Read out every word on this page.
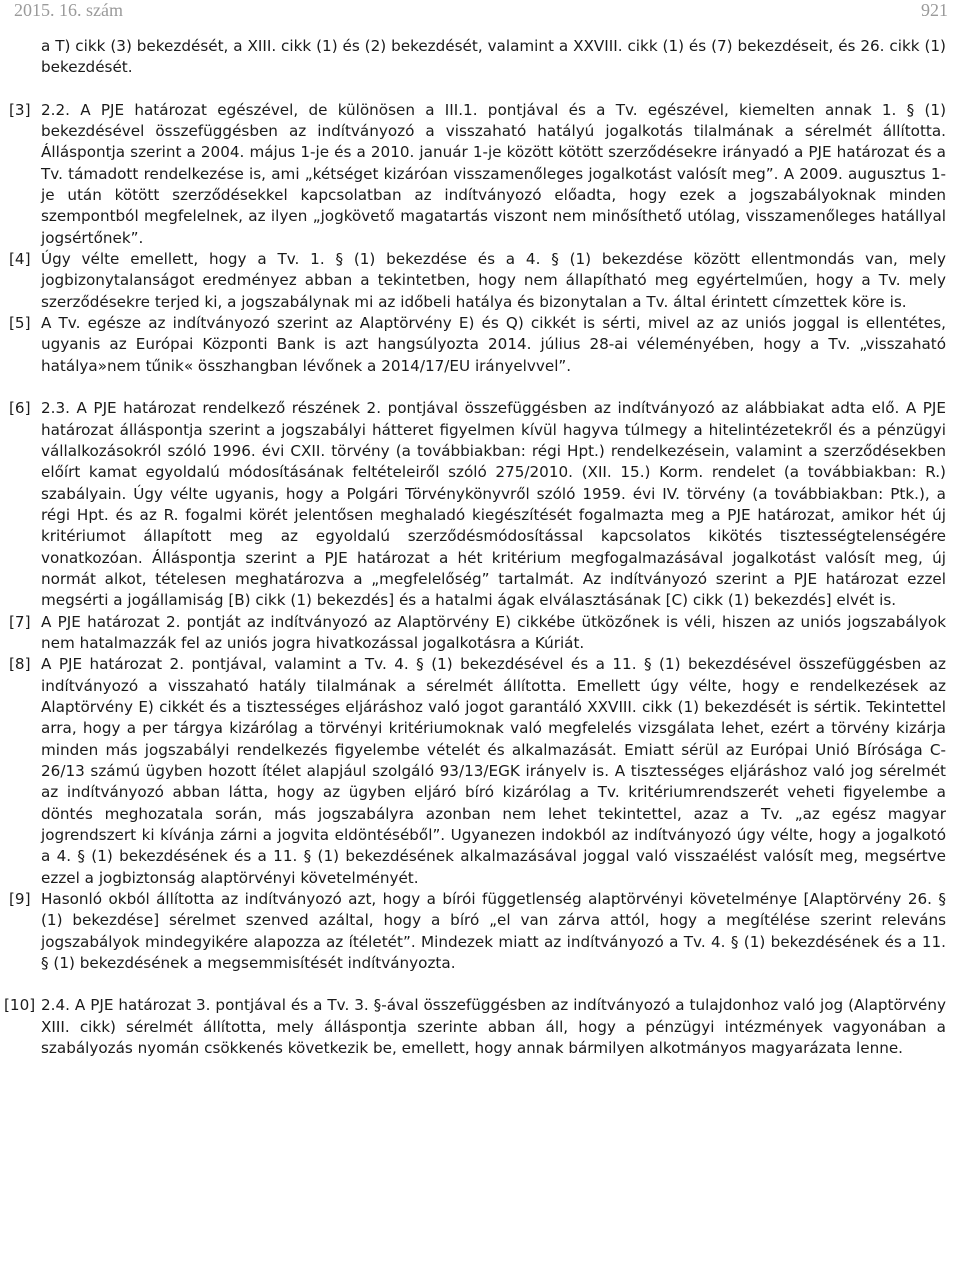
2015. 16. szám	921
a T) cikk (3) bekezdését, a XIII. cikk (1) és (2) bekezdését, valamint a XXVIII. cikk (1) és (7) bekezdéseit, és 26. cikk (1) bekezdését.
[3] 2.2. A PJE határozat egészével, de különösen a III.1. pontjával és a Tv. egészével, kiemelten annak 1. § (1) bekezdésével összefüggésben az indítványozó a visszaható hatályú jogalkotás tilalmának a sérelmét állította. Álláspontja szerint a 2004. május 1-je és a 2010. január 1-je között kötött szerződésekre irányadó a PJE határozat és a Tv. támadott rendelkezése is, ami „kétséget kizáróan visszamenőleges jogalkotást valósít meg”. A 2009. augusztus 1-je után kötött szerződésekkel kapcsolatban az indítványozó előadta, hogy ezek a jogszabályoknak minden szempontból megfelelnek, az ilyen „jogkövető magatartás viszont nem minősíthető utólag, visszamenőleges hatállyal jogsértőnek”.
[4] Úgy vélte emellett, hogy a Tv. 1. § (1) bekezdése és a 4. § (1) bekezdése között ellentmondás van, mely jogbizonytalanságot eredményez abban a tekintetben, hogy nem állapítható meg egyértelműen, hogy a Tv. mely szerződésekre terjed ki, a jogszabálynak mi az időbeli hatálya és bizonytalan a Tv. által érintett címzettek köre is.
[5] A Tv. egésze az indítványozó szerint az Alaptörvény E) és Q) cikkét is sérti, mivel az az uniós joggal is ellentétes, ugyanis az Európai Központi Bank is azt hangsúlyozta 2014. július 28-ai véleményében, hogy a Tv. „visszaható hatálya»nem tűnik« összhangban lévőnek a 2014/17/EU irányelvvel”.
[6] 2.3. A PJE határozat rendelkező részének 2. pontjával összefüggésben az indítványozó az alábbiakat adta elő. A PJE határozat álláspontja szerint a jogszabályi hátteret figyelmen kívül hagyva túlmegy a hitelintézetekről és a pénzügyi vállalkozásokról szóló 1996. évi CXII. törvény (a továbbiakban: régi Hpt.) rendelkezésein, valamint a szerződésekben előírt kamat egyoldalú módosításának feltételeiről szóló 275/2010. (XII. 15.) Korm. rendelet (a továbbiakban: R.) szabályain. Úgy vélte ugyanis, hogy a Polgári Törvénykönyvről szóló 1959. évi IV. törvény (a továbbiakban: Ptk.), a régi Hpt. és az R. fogalmi körét jelentősen meghaladó kiegészítését fogalmazta meg a PJE határozat, amikor hét új kritériumot állapított meg az egyoldalú szerződésmódosítással kapcsolatos kikötés tisztességtelenségére vonatkozóan. Álláspontja szerint a PJE határozat a hét kritérium megfogalmazásával jogalkotást valósít meg, új normát alkot, tételesen meghatározva a „megfelelőség” tartalmát. Az indítványozó szerint a PJE határozat ezzel megsérti a jogállamiság [B) cikk (1) bekezdés] és a hatalmi ágak elválasztásának [C) cikk (1) bekezdés] elvét is.
[7] A PJE határozat 2. pontját az indítványozó az Alaptörvény E) cikkébe ütközőnek is véli, hiszen az uniós jogszabályok nem hatalmazzák fel az uniós jogra hivatkozással jogalkotásra a Kúriát.
[8] A PJE határozat 2. pontjával, valamint a Tv. 4. § (1) bekezdésével és a 11. § (1) bekezdésével összefüggésben az indítványozó a visszaható hatály tilalmának a sérelmét állította. Emellett úgy vélte, hogy e rendelkezések az Alaptörvény E) cikkét és a tisztességes eljáráshoz való jogot garantáló XXVIII. cikk (1) bekezdését is sértik. Tekintettel arra, hogy a per tárgya kizárólag a törvényi kritériumoknak való megfelelés vizsgálata lehet, ezért a törvény kizárja minden más jogszabályi rendelkezés figyelembe vételét és alkalmazását. Emiatt sérül az Európai Unió Bírósága C-26/13 számú ügyben hozott ítélet alapjául szolgáló 93/13/EGK irányelv is. A tisztességes eljáráshoz való jog sérelmét az indítványozó abban látta, hogy az ügyben eljáró bíró kizárólag a Tv. kritériumrendszerét veheti figyelembe a döntés meghozatala során, más jogszabályra azonban nem lehet tekintettel, azaz a Tv. „az egész magyar jogrendszert ki kívánja zárni a jogvita eldöntéséből”. Ugyanezen indokból az indítványozó úgy vélte, hogy a jogalkotó a 4. § (1) bekezdésének és a 11. § (1) bekezdésének alkalmazásával joggal való visszaélést valósít meg, megsértve ezzel a jogbiztonság alaptörvényi követelményét.
[9] Hasonló okból állította az indítványozó azt, hogy a bírói függetlenség alaptörvényi követelménye [Alaptörvény 26. § (1) bekezdése] sérelmet szenved azáltal, hogy a bíró „el van zárva attól, hogy a megítélése szerint releváns jogszabályok mindegyikére alapozza az ítéletét”. Mindezek miatt az indítványozó a Tv. 4. § (1) bekezdésének és a 11. § (1) bekezdésének a megsemmisítését indítványozta.
[10] 2.4. A PJE határozat 3. pontjával és a Tv. 3. §-ával összefüggésben az indítványozó a tulajdonhoz való jog (Alaptörvény XIII. cikk) sérelmét állította, mely álláspontja szerinte abban áll, hogy a pénzügyi intézmények vagyonában a szabályozás nyomán csökkenés következik be, emellett, hogy annak bármilyen alkotmányos magyarázata lenne.
